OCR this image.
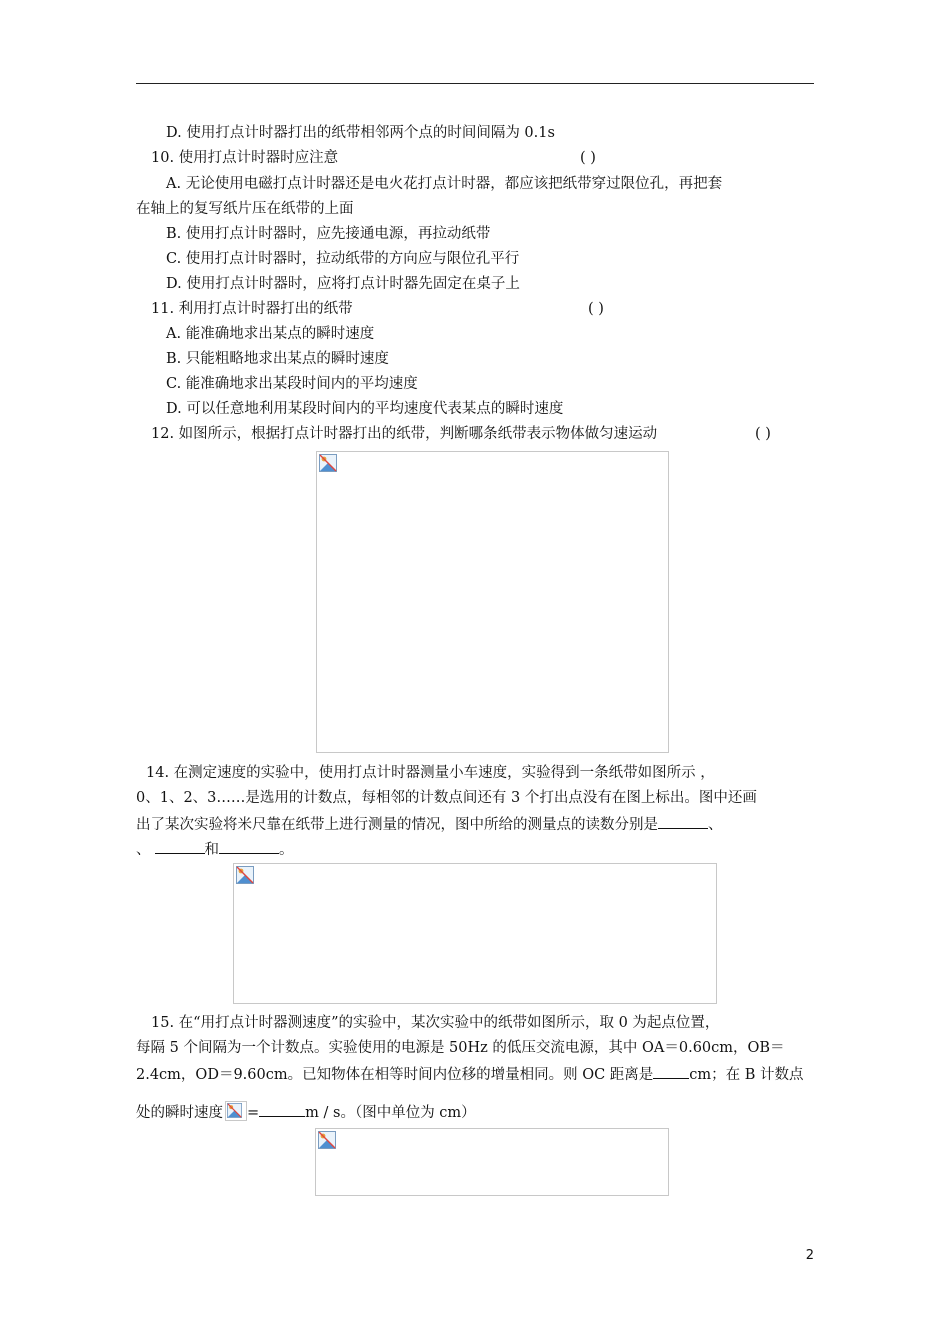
D. 使用打点计时器打出的纸带相邻两个点的时间间隔为 0.1s
10. 使用打点计时器时应注意	( )
A. 无论使用电磁打点计时器还是电火花打点计时器，都应该把纸带穿过限位孔，再把套
在轴上的复写纸片压在纸带的上面
B. 使用打点计时器时，应先接通电源，再拉动纸带
C. 使用打点计时器时，拉动纸带的方向应与限位孔平行
D. 使用打点计时器时，应将打点计时器先固定在桌子上
11. 利用打点计时器打出的纸带	( )
A. 能准确地求出某点的瞬时速度
B. 只能粗略地求出某点的瞬时速度
C. 能准确地求出某段时间内的平均速度
D. 可以任意地利用某段时间内的平均速度代表某点的瞬时速度
12. 如图所示，根据打点计时器打出的纸带，判断哪条纸带表示物体做匀速运动	( )
14. 在测定速度的实验中，使用打点计时器测量小车速度，实验得到一条纸带如图所示 ，
0、1、2、3……是选用的计数点，每相邻的计数点间还有 3 个打出点没有在图上标出。图中还画
出了某次实验将米尺靠在纸带上进行测量的情况，图中所给的测量点的读数分别是	、
、	和	。
15. 在“用打点计时器测速度”的实验中，某次实验中的纸带如图所示，取 0 为起点位置，
每隔 5 个间隔为一个计数点。实验使用的电源是 50Hz 的低压交流电源，其中 OA＝0.60cm，OB＝
2.4cm，OD＝9.60cm。已知物体在相等时间内位移的增量相同。则 OC 距离是 cm；在 B 计数点
处的瞬时速度 =	m / s。（图中单位为 cm）
2
